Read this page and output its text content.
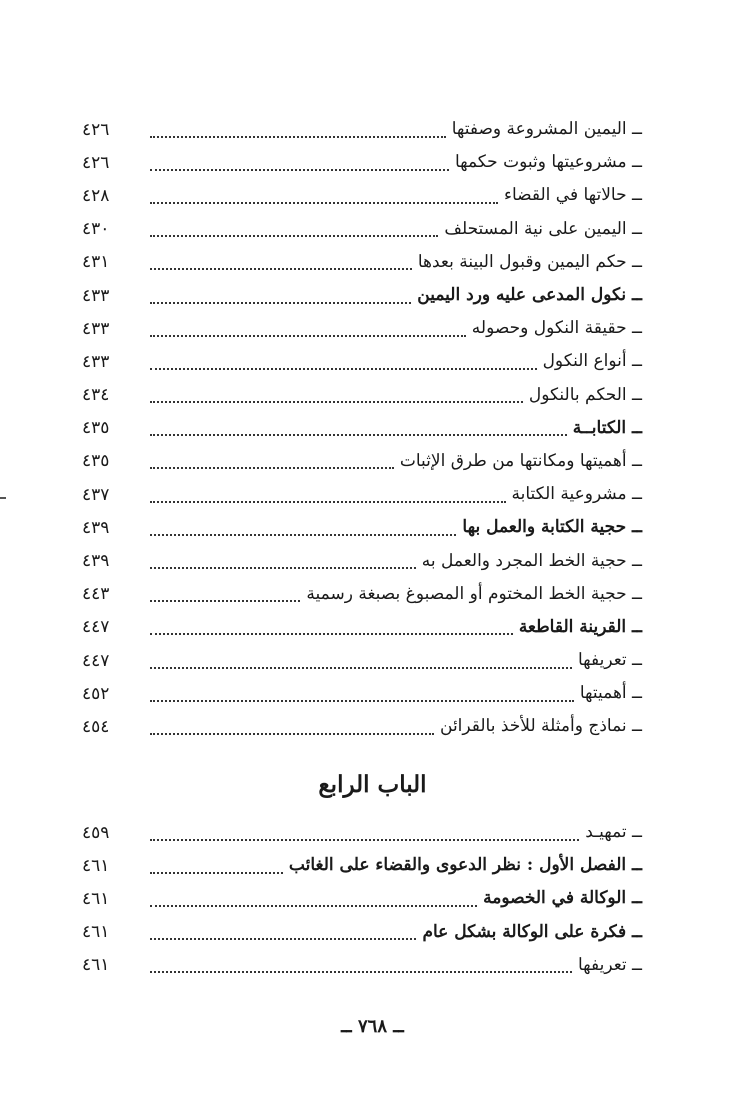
ــ اليمين المشروعة وصفتها
٤٢٦
ــ مشروعيتها وثبوت حكمها
٤٢٦
ــ حالاتها في القضاء
٤٢٨
ــ اليمين على نية المستحلف
٤٣٠
ــ حكم اليمين وقبول البينة بعدها
٤٣١
ــ نكول المدعى عليه ورد اليمين
٤٣٣
ــ حقيقة النكول وحصوله
٤٣٣
ــ أنواع النكول
٤٣٣
ــ الحكم بالنكول
٤٣٤
ــ الكتابــة
٤٣٥
ــ أهميتها ومكانتها من طرق الإثبات
٤٣٥
ــ مشروعية الكتابة
٤٣٧
ــ حجية الكتابة والعمل بها
٤٣٩
ــ حجية الخط المجرد والعمل به
٤٣٩
ــ حجية الخط المختوم أو المصبوغ بصبغة رسمية
٤٤٣
ــ القرينة القاطعة
٤٤٧
ــ تعريفها
٤٤٧
ــ أهميتها
٤٥٢
ــ نماذج وأمثلة للأخذ بالقرائن
٤٥٤
الباب الرابع
ــ تمهيـد
٤٥٩
ــ الفصل الأول : نظر الدعوى والقضاء على الغائب
٤٦١
ــ الوكالة في الخصومة
٤٦١
ــ فكرة على الوكالة بشكل عام
٤٦١
ــ تعريفها
٤٦١
ــ ٧٦٨ ــ
